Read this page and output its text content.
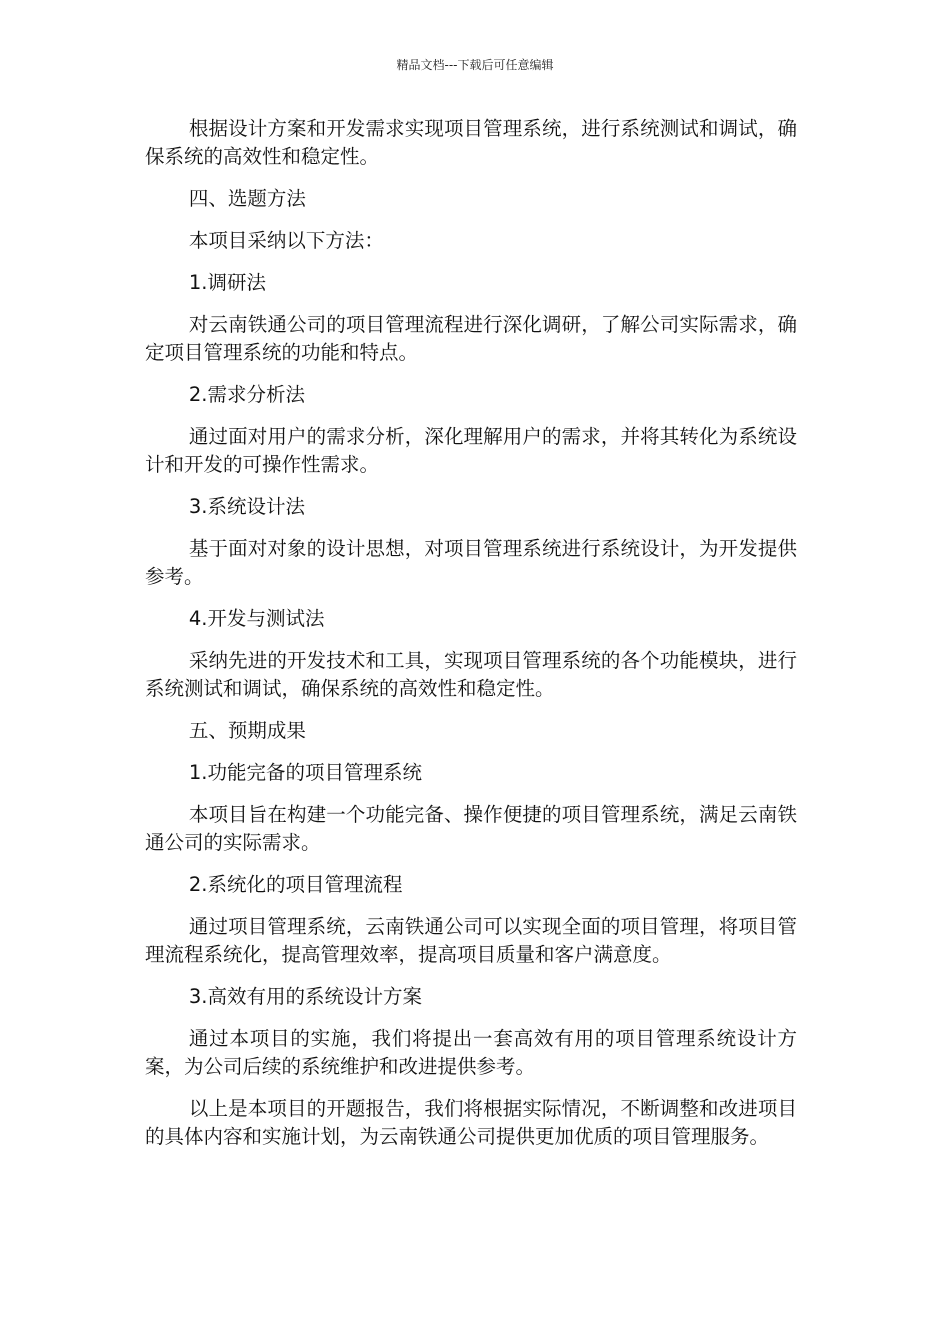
精品文档---下载后可任意编辑

根据设计方案和开发需求实现项目管理系统，进行系统测试和调试，确保系统的高效性和稳定性。

四、选题方法

本项目采纳以下方法：

1.调研法

对云南铁通公司的项目管理流程进行深化调研，了解公司实际需求，确定项目管理系统的功能和特点。

2.需求分析法

通过面对用户的需求分析，深化理解用户的需求，并将其转化为系统设计和开发的可操作性需求。

3.系统设计法

基于面对对象的设计思想，对项目管理系统进行系统设计，为开发提供参考。

4.开发与测试法

采纳先进的开发技术和工具，实现项目管理系统的各个功能模块，进行系统测试和调试，确保系统的高效性和稳定性。

五、预期成果

1.功能完备的项目管理系统

本项目旨在构建一个功能完备、操作便捷的项目管理系统，满足云南铁通公司的实际需求。

2.系统化的项目管理流程

通过项目管理系统，云南铁通公司可以实现全面的项目管理，将项目管理流程系统化，提高管理效率，提高项目质量和客户满意度。

3.高效有用的系统设计方案

通过本项目的实施，我们将提出一套高效有用的项目管理系统设计方案，为公司后续的系统维护和改进提供参考。

以上是本项目的开题报告，我们将根据实际情况，不断调整和改进项目的具体内容和实施计划，为云南铁通公司提供更加优质的项目管理服务。
